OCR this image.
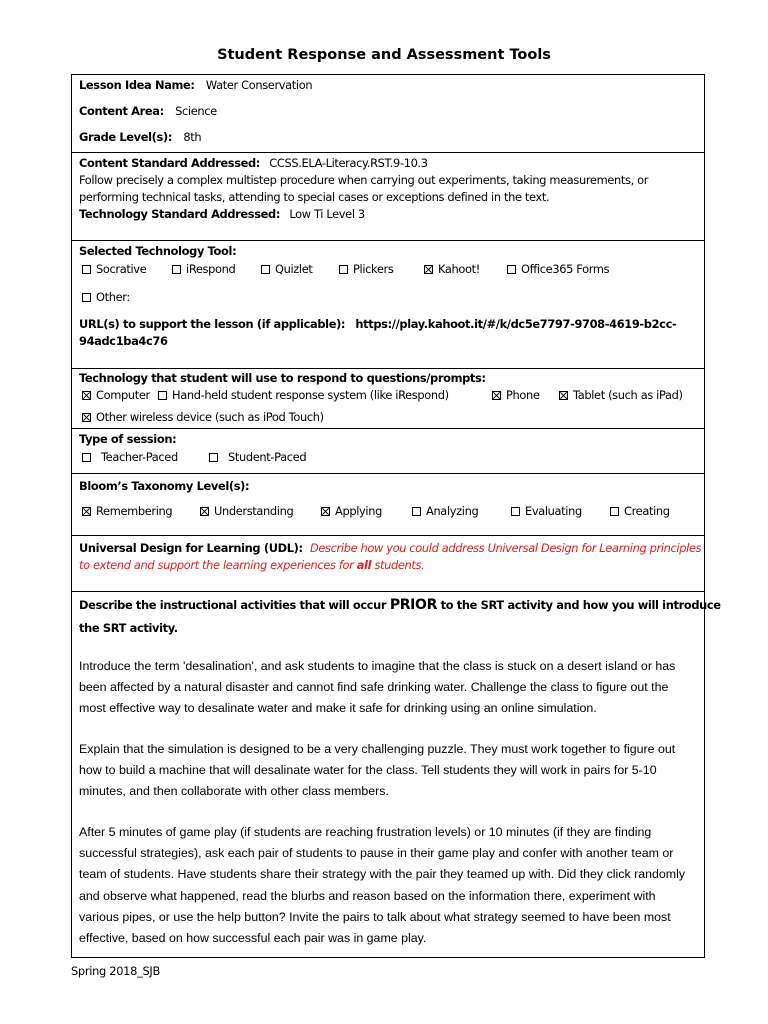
Student Response and Assessment Tools
Lesson Idea Name: Water Conservation
Content Area: Science
Grade Level(s): 8th
Content Standard Addressed: CCSS.ELA-Literacy.RST.9-10.3
Follow precisely a complex multistep procedure when carrying out experiments, taking measurements, or
performing technical tasks, attending to special cases or exceptions defined in the text.
Technology Standard Addressed: Low Ti Level 3
Selected Technology Tool:
Socrative	iRespond	Quizlet	Plickers	Kahoot!	Office365 Forms
Other:
URL(s) to support the lesson (if applicable): https://play.kahoot.it/#/k/dc5e7797-9708-4619-b2cc-
94adc1ba4c76
Technology that student will use to respond to questions/prompts:
Computer	Hand-held student response system (like iRespond)	Phone	Tablet (such as iPad)
Other wireless device (such as iPod Touch)
Type of session:
Teacher-Paced	Student-Paced
Bloom’s Taxonomy Level(s):
Remembering	Understanding	Applying	Analyzing	Evaluating	Creating
Universal Design for Learning (UDL): Describe how you could address Universal Design for Learning principles
to extend and support the learning experiences for all students.
Describe the instructional activities that will occur PRIOR to the SRT activity and how you will introduce
the SRT activity.
Introduce the term 'desalination', and ask students to imagine that the class is stuck on a desert island or has been affected by a natural disaster and cannot find safe drinking water. Challenge the class to figure out the most effective way to desalinate water and make it safe for drinking using an online simulation.
Explain that the simulation is designed to be a very challenging puzzle. They must work together to figure out how to build a machine that will desalinate water for the class. Tell students they will work in pairs for 5-10 minutes, and then collaborate with other class members.
After 5 minutes of game play (if students are reaching frustration levels) or 10 minutes (if they are finding successful strategies), ask each pair of students to pause in their game play and confer with another team or team of students. Have students share their strategy with the pair they teamed up with. Did they click randomly and observe what happened, read the blurbs and reason based on the information there, experiment with various pipes, or use the help button? Invite the pairs to talk about what strategy seemed to have been most effective, based on how successful each pair was in game play.
Spring 2018_SJB
